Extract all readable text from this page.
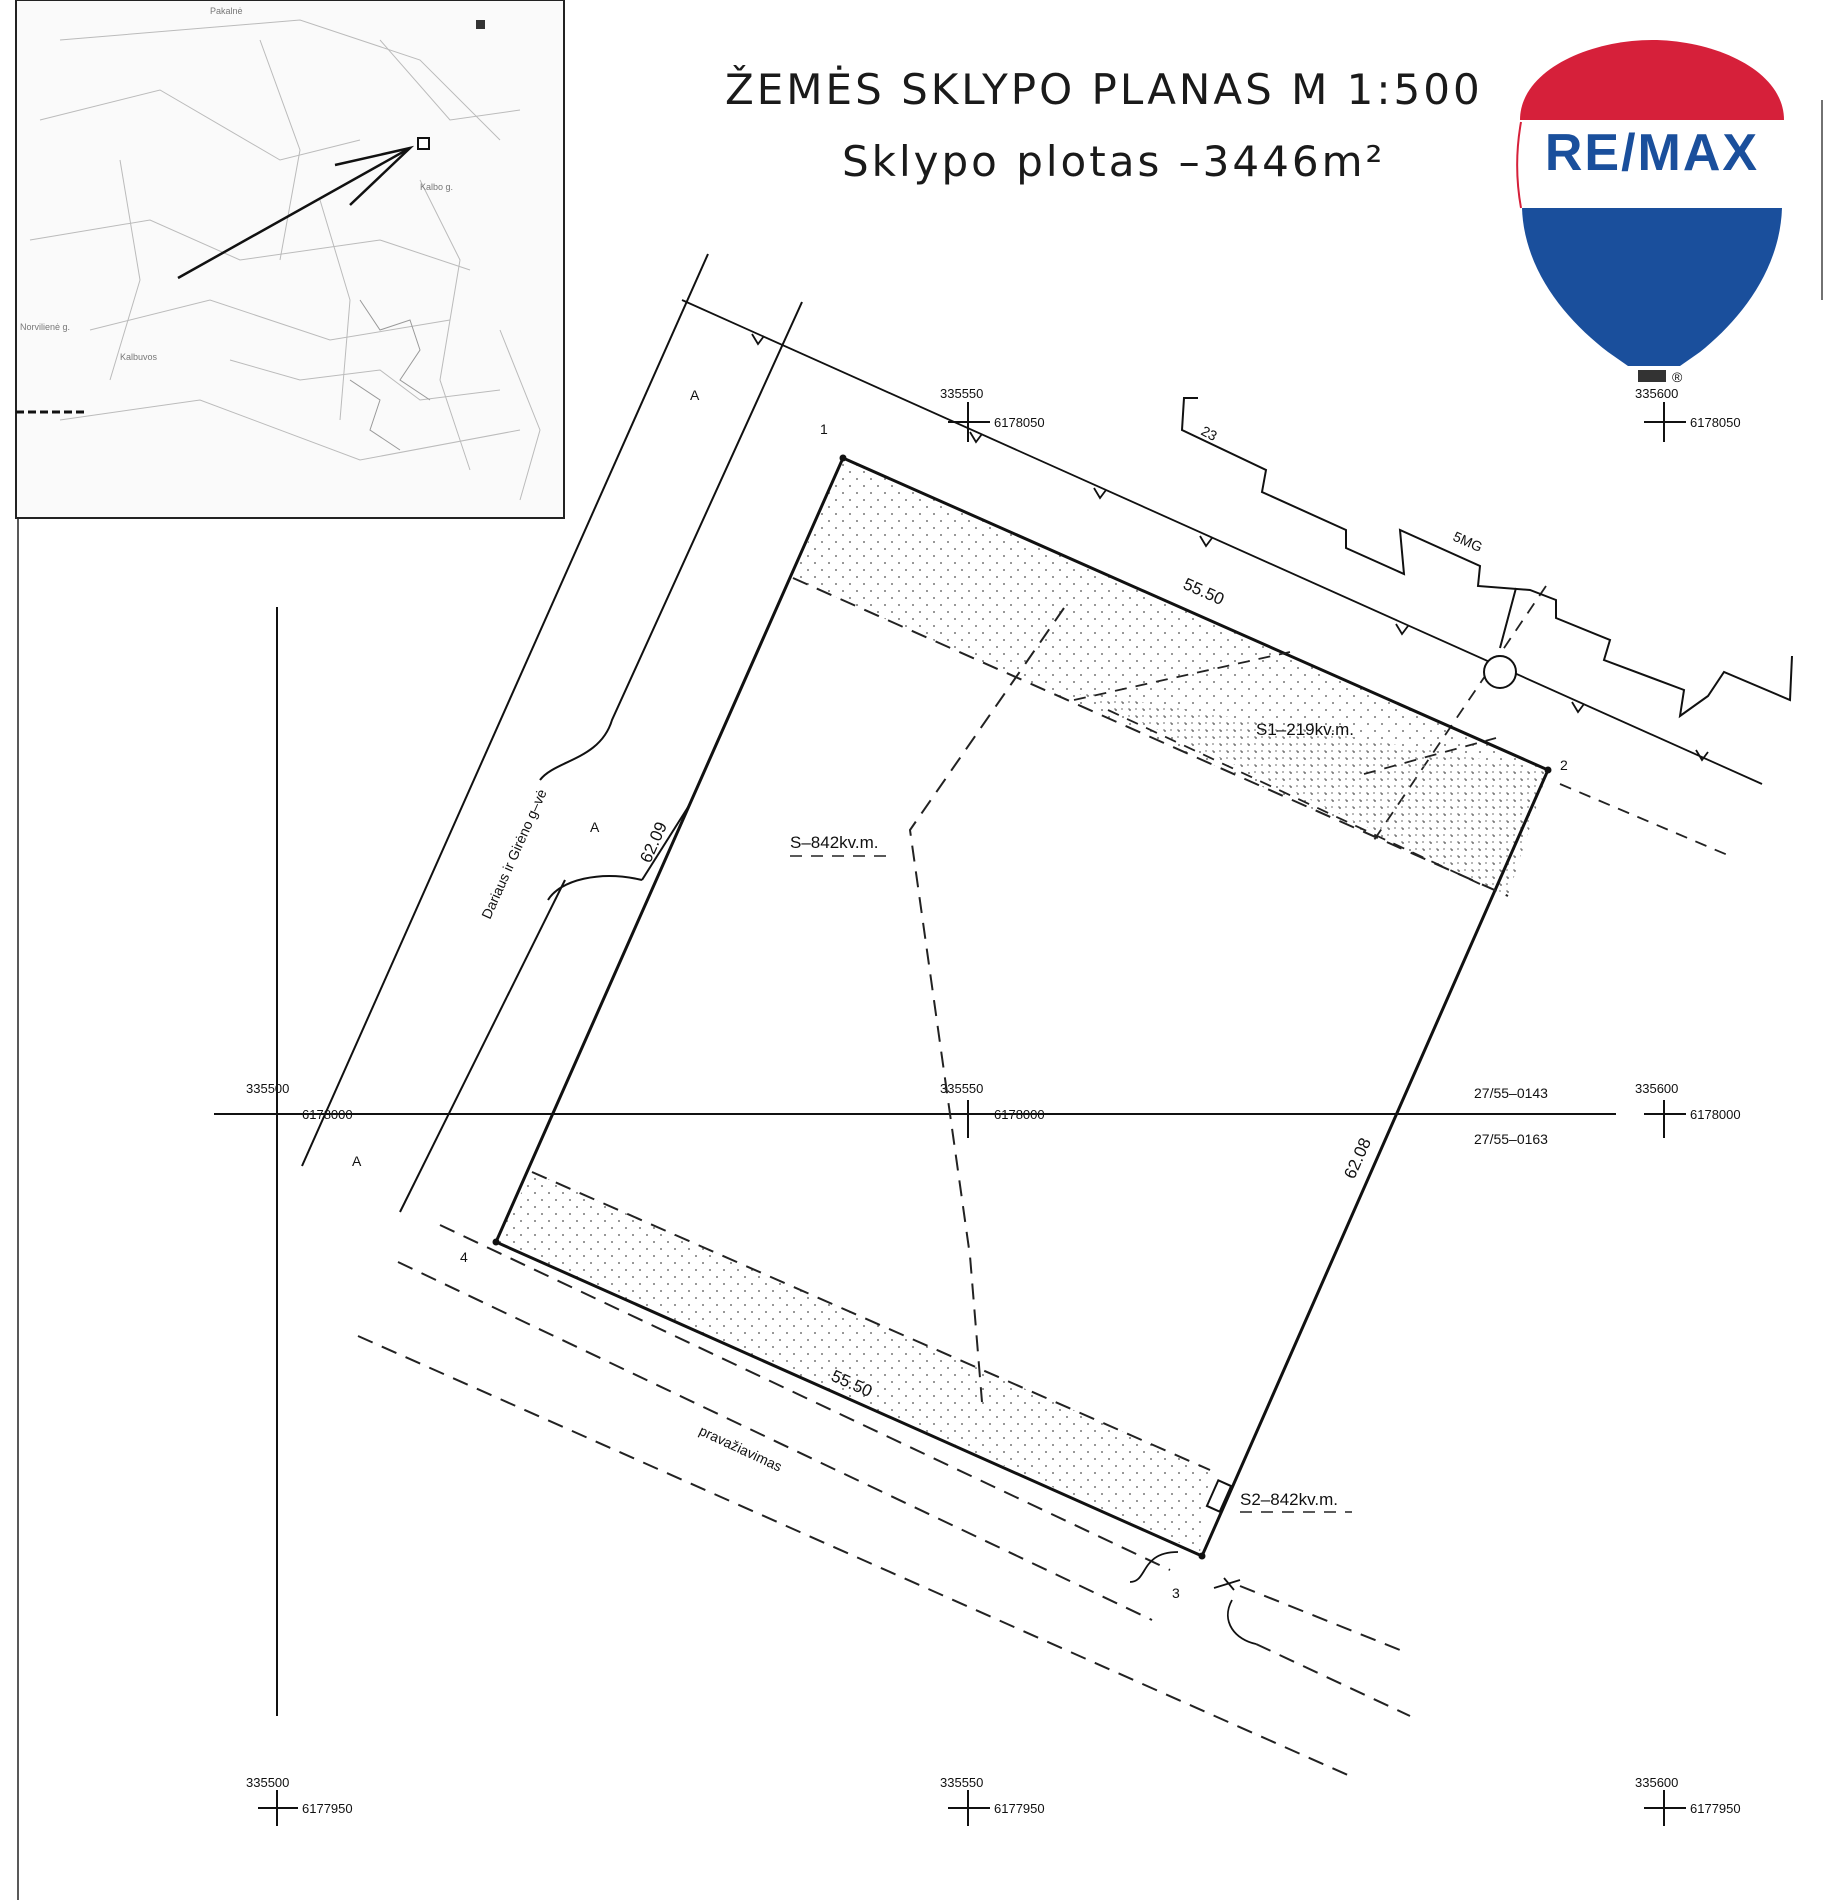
Kalbuvos
Norvilienė g.
Kalbo g.
Pakalnė
ŽEMĖS SKLYPO PLANAS M 1:500
Sklypo plotas –3446m²
®
RE/MAX
335550	335600
335500	335550	335600
335500	335550	335600
6178050	6178050
6178000	6178000	6178000
6177950	6177950	6177950
27/55–0143
27/55–0163
Dariaus ir Girėno g–vė
A
A
A
23
5MG
pravažiavimas
1
2
3
4
55.50
55.50
62.08
62.09	S–842kv.m.
S1–219kv.m.
S2–842kv.m.
